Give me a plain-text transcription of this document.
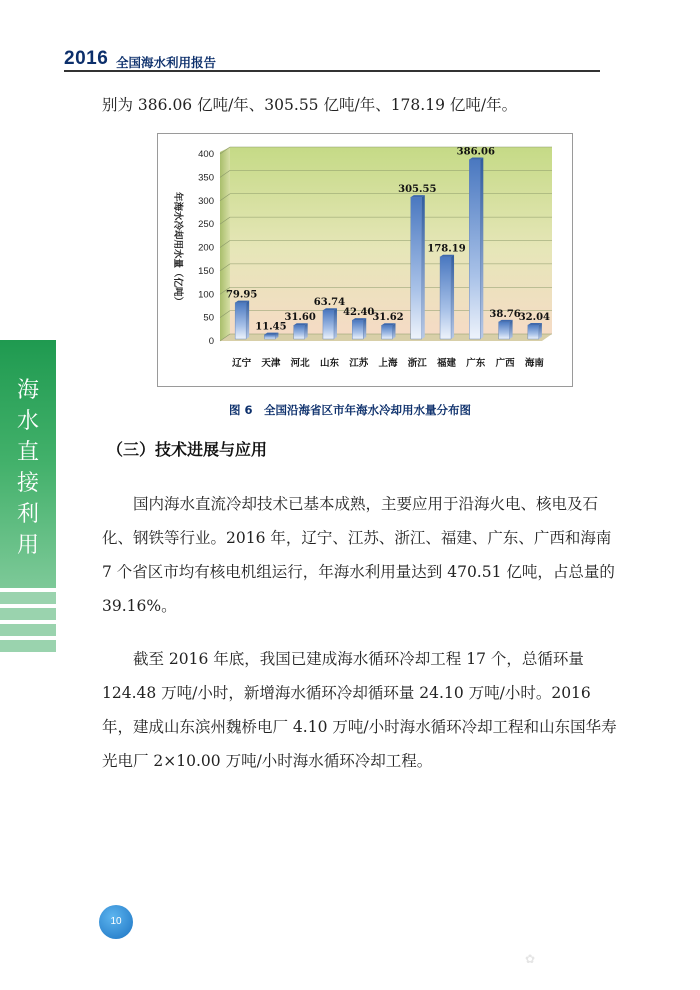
2016 全国海水利用报告

别为 386.06 亿吨/年、305.55 亿吨/年、178.19 亿吨/年。

0
50
100
150
200
250
300
350
400
辽宁 天津 河北 山东 江苏 上海 浙江 福建 广东 广西 海南
79.95
11.45
31.60
63.74
42.40
31.62
305.55
178.19
386.06
38.76
32.04
年海水冷却用水量（亿吨）
图 6　全国沿海省区市年海水冷却用水量分布图
（三）技术进展与应用

国内海水直流冷却技术已基本成熟，主要应用于沿海火电、核电及石化、钢铁等行业。2016 年，辽宁、江苏、浙江、福建、广东、广西和海南 7 个省区市均有核电机组运行，年海水利用量达到 470.51 亿吨，占总量的 39.16%。

截至 2016 年底，我国已建成海水循环冷却工程 17 个，总循环量 124.48 万吨/小时，新增海水循环冷却循环量 24.10 万吨/小时。2016 年，建成山东滨州魏桥电厂 4.10 万吨/小时海水循环冷却工程和山东国华寿光电厂 2×10.00 万吨/小时海水循环冷却工程。

海
水
直
接
利
用
10
✿
